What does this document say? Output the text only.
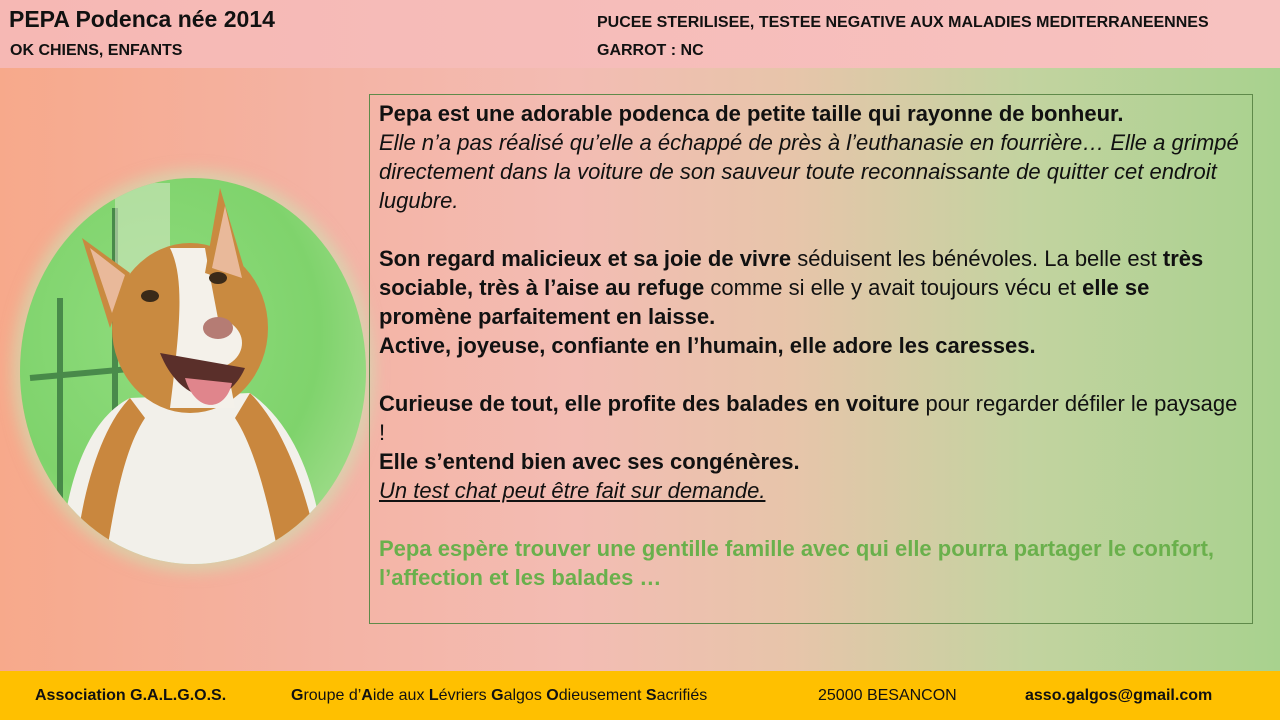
PEPA Podenca née 2014
OK CHIENS, ENFANTS
PUCEE STERILISEE, TESTEE NEGATIVE AUX MALADIES MEDITERRANEENNES
GARROT : NC

Pepa est une adorable podenca de petite taille qui rayonne de bonheur.
Elle n’a pas réalisé qu’elle a échappé de près à l’euthanasie en fourrière… Elle a grimpé directement dans la voiture de son sauveur toute reconnaissante de quitter cet endroit lugubre.

Son regard malicieux et sa joie de vivre séduisent les bénévoles. La belle est très sociable, très à l’aise au refuge comme si elle y avait toujours vécu et elle se promène parfaitement en laisse.
Active, joyeuse, confiante en l’humain, elle adore les caresses.

Curieuse de tout, elle profite des balades en voiture pour regarder défiler le paysage !
Elle s’entend bien avec ses congénères.
Un test chat peut être fait sur demande.

Pepa espère trouver une gentille famille avec qui elle pourra partager le confort, l’affection et les balades …

Association G.A.L.G.O.S.	Groupe d’Aide aux Lévriers Galgos Odieusement Sacrifiés	25000 BESANCON	asso.galgos@gmail.com
